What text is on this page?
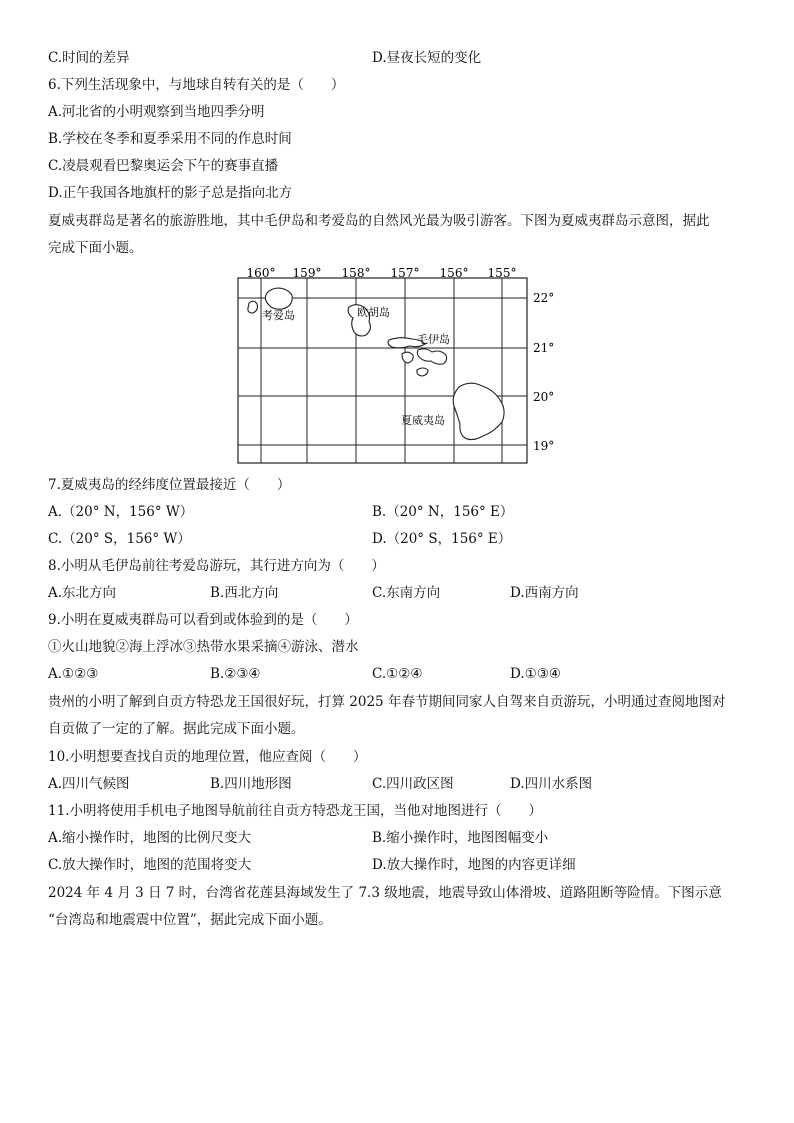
C.时间的差异	D.昼夜长短的变化
6.下列生活现象中，与地球自转有关的是（　　）
A.河北省的小明观察到当地四季分明
B.学校在冬季和夏季采用不同的作息时间
C.凌晨观看巴黎奥运会下午的赛事直播
D.正午我国各地旗杆的影子总是指向北方
夏威夷群岛是著名的旅游胜地，其中毛伊岛和考爱岛的自然风光最为吸引游客。下图为夏威夷群岛示意图，据此
完成下面小题。
160° 159° 158° 157° 156° 155°
22°
21°
20°
19°
考爱岛	欧胡岛
毛伊岛
夏威夷岛
7.夏威夷岛的经纬度位置最接近（　　）
A.（20° N，156° W）	B.（20° N，156° E）
C.（20° S，156° W）	D.（20° S，156° E）
8.小明从毛伊岛前往考爱岛游玩，其行进方向为（　　）
A.东北方向	B.西北方向	C.东南方向	D.西南方向
9.小明在夏威夷群岛可以看到或体验到的是（　　）
①火山地貌②海上浮冰③热带水果采摘④游泳、潜水
A.①②③	B.②③④	C.①②④	D.①③④
贵州的小明了解到自贡方特恐龙王国很好玩，打算 2025 年春节期间同家人自驾来自贡游玩，小明通过查阅地图对
自贡做了一定的了解。据此完成下面小题。
10.小明想要查找自贡的地理位置，他应查阅（　　）
A.四川气候图	B.四川地形图	C.四川政区图	D.四川水系图
11.小明将使用手机电子地图导航前往自贡方特恐龙王国，当他对地图进行（　　）
A.缩小操作时，地图的比例尺变大	B.缩小操作时，地图图幅变小
C.放大操作时，地图的范围将变大	D.放大操作时，地图的内容更详细
2024 年 4 月 3 日 7 时，台湾省花莲县海域发生了 7.3 级地震，地震导致山体滑坡、道路阻断等险情。下图示意
“台湾岛和地震震中位置”，据此完成下面小题。
